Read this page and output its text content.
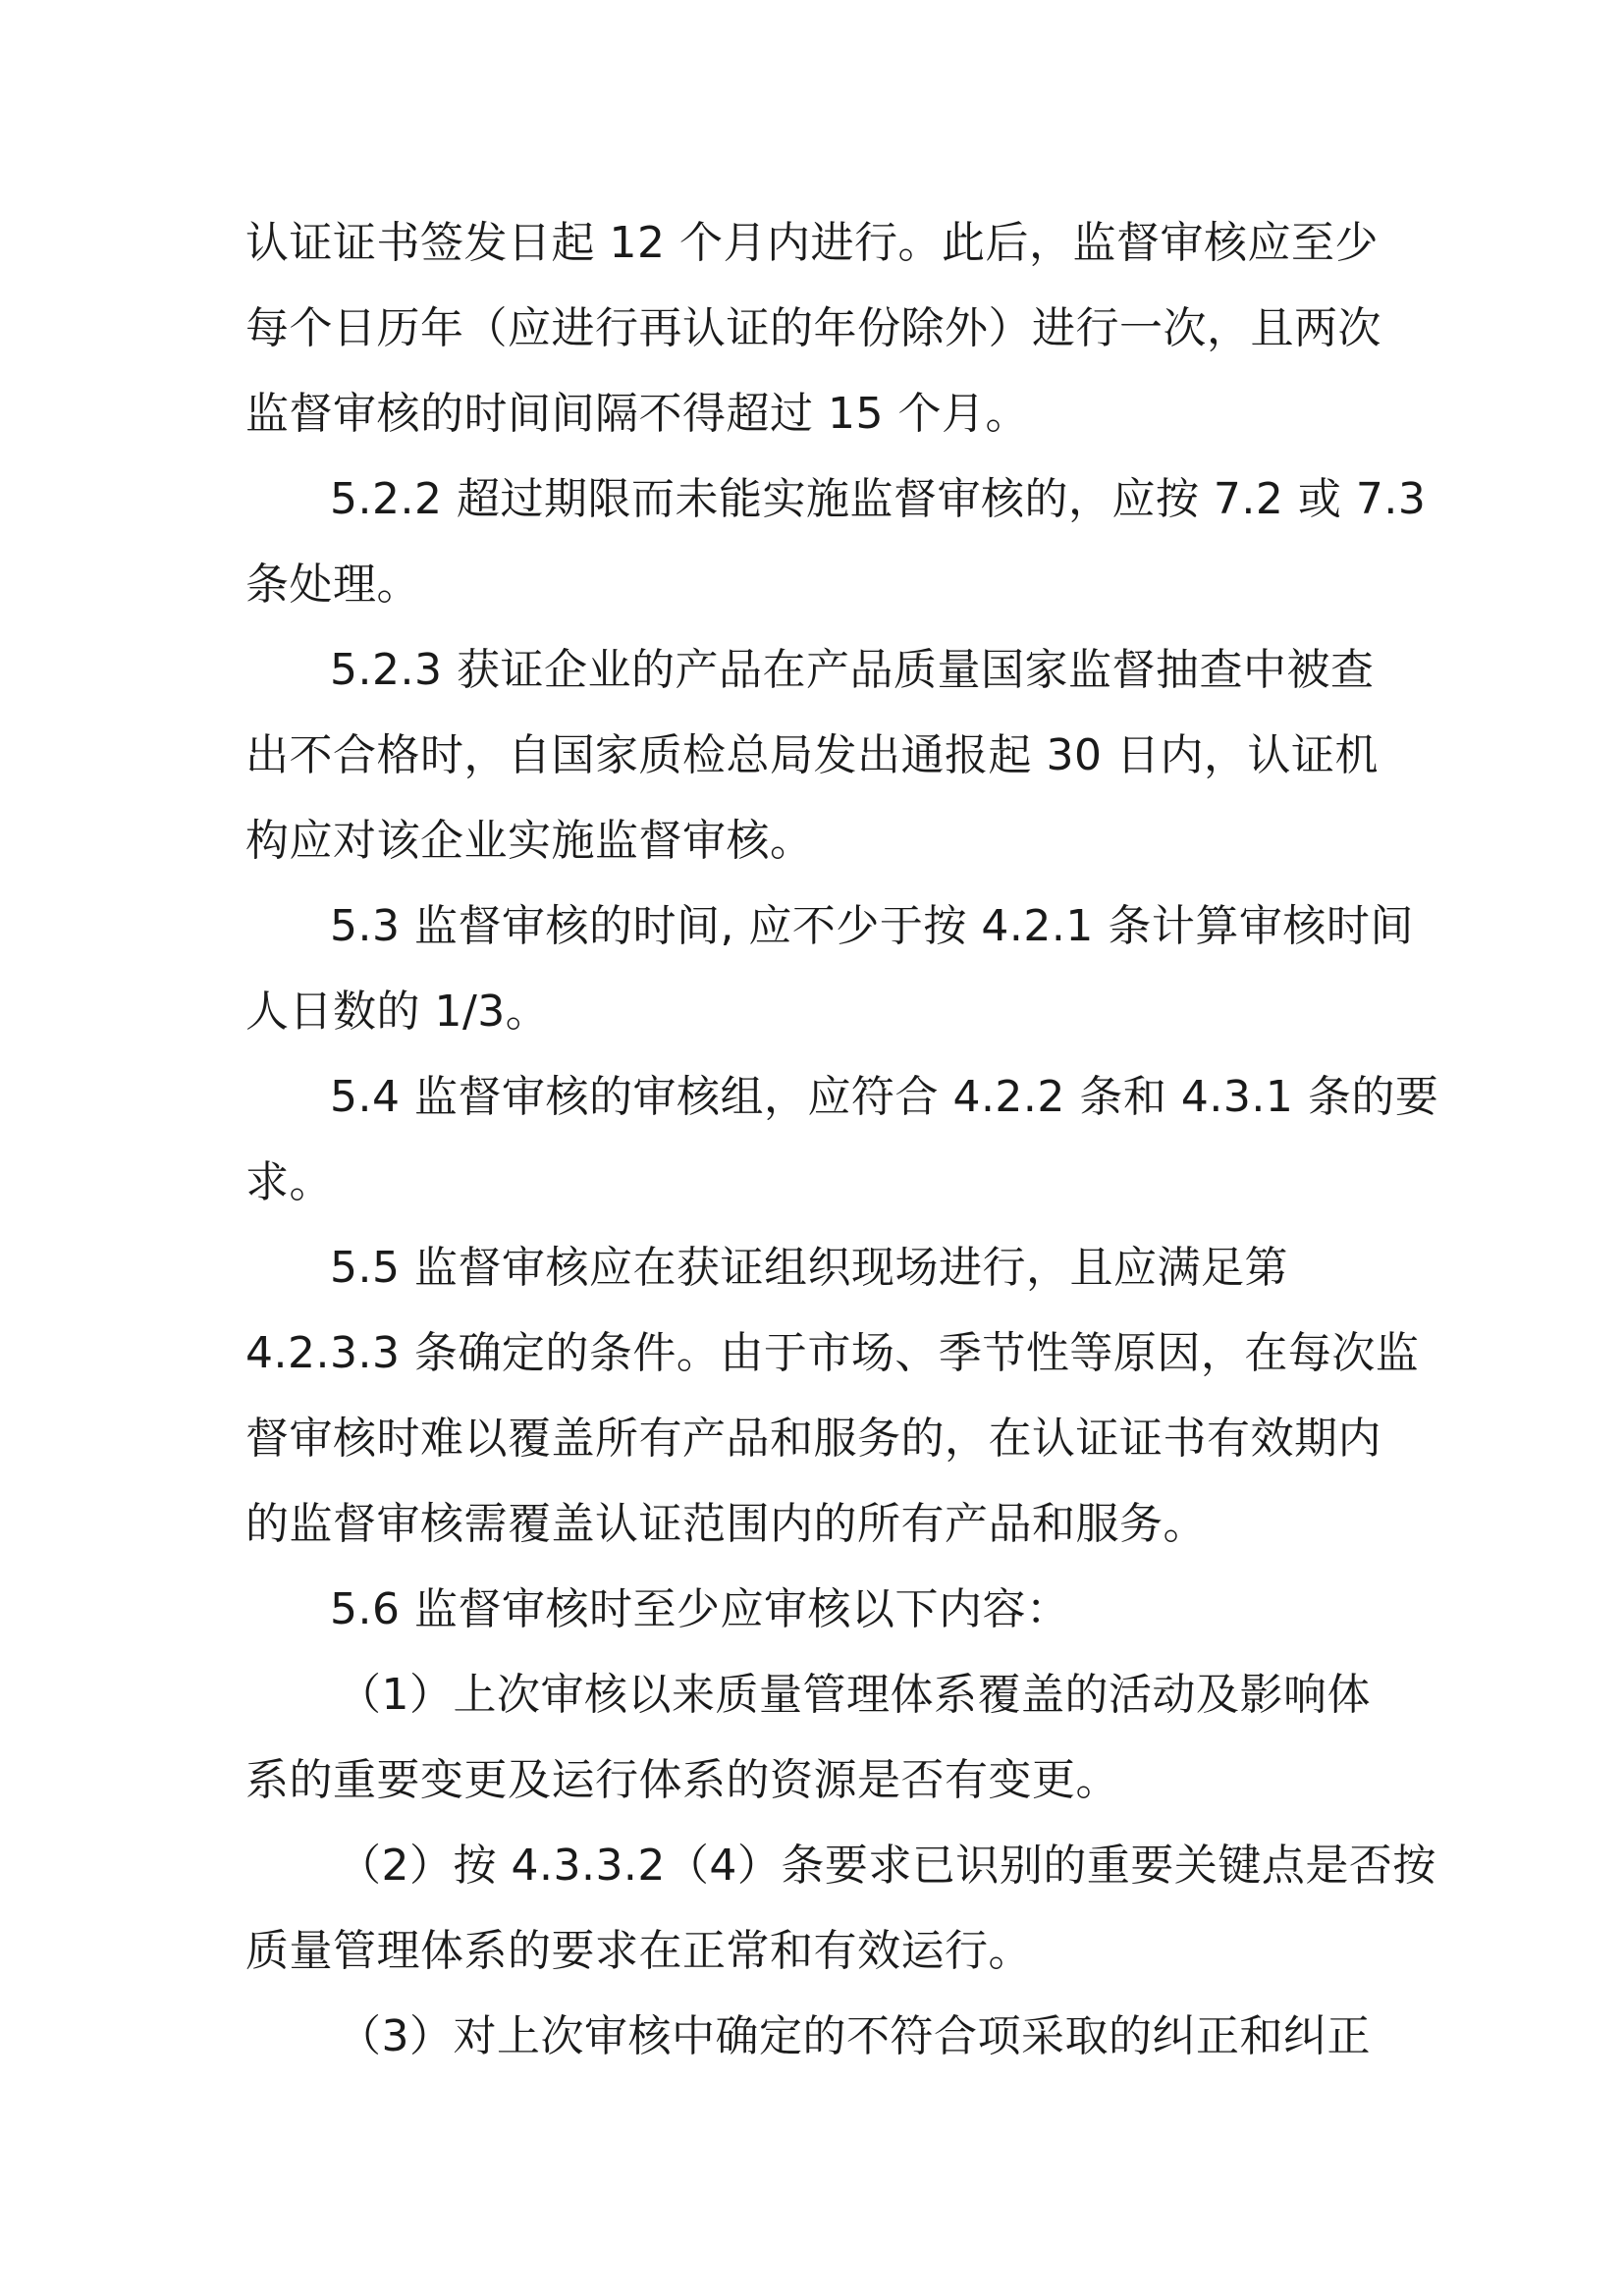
认证证书签发日起 12 个月内进行。此后，监督审核应至少
每个日历年（应进行再认证的年份除外）进行一次，且两次
监督审核的时间间隔不得超过 15 个月。
5.2.2 超过期限而未能实施监督审核的，应按 7.2 或 7.3
条处理。
5.2.3 获证企业的产品在产品质量国家监督抽查中被查
出不合格时，自国家质检总局发出通报起 30 日内，认证机
构应对该企业实施监督审核。
5.3 监督审核的时间, 应不少于按 4.2.1 条计算审核时间
人日数的 1/3。
5.4 监督审核的审核组，应符合 4.2.2 条和 4.3.1 条的要
求。
5.5 监督审核应在获证组织现场进行，且应满足第
4.2.3.3 条确定的条件。由于市场、季节性等原因，在每次监
督审核时难以覆盖所有产品和服务的，在认证证书有效期内
的监督审核需覆盖认证范围内的所有产品和服务。
5.6 监督审核时至少应审核以下内容：
（1）上次审核以来质量管理体系覆盖的活动及影响体
系的重要变更及运行体系的资源是否有变更。
（2）按 4.3.3.2（4）条要求已识别的重要关键点是否按
质量管理体系的要求在正常和有效运行。
（3）对上次审核中确定的不符合项采取的纠正和纠正
